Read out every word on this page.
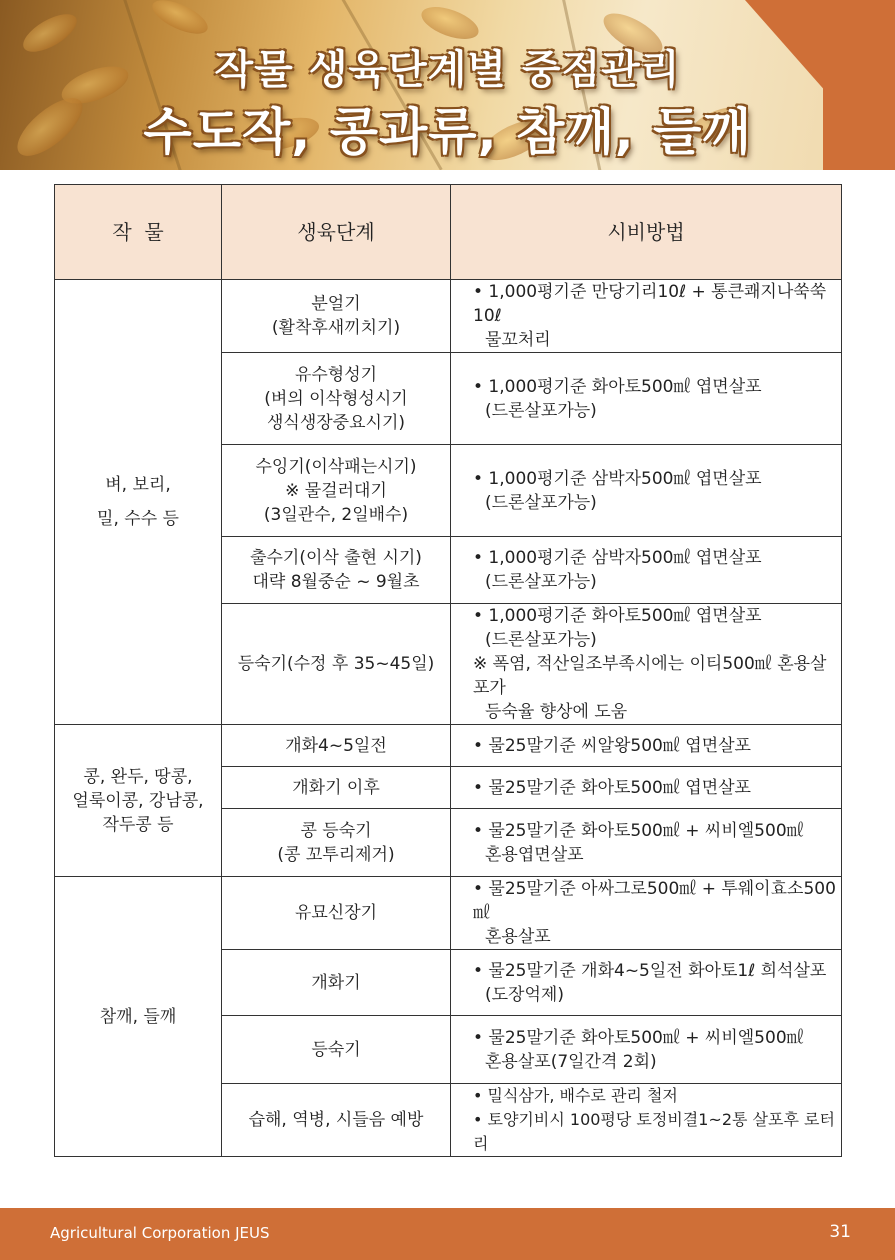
작물 생육단계별 중점관리
수도작, 콩과류, 참깨, 들깨
작  물	생육단계	시비방법

벼, 보리,
밀, 수수 등	분얼기
(활착후새끼치기)	• 1,000평기준 만당기리10ℓ + 통큰쾌지나쑥쑥10ℓ
물꼬처리

	유수형성기
(벼의 이삭형성시기
생식생장중요시기)	• 1,000평기준 화아토500㎖ 엽면살포
(드론살포가능)

	수잉기(이삭패는시기)
※ 물걸러대기
(3일관수, 2일배수)	• 1,000평기준 삼박자500㎖ 엽면살포
(드론살포가능)

	출수기(이삭 출현 시기)
대략 8월중순 ~ 9월초	• 1,000평기준 삼박자500㎖ 엽면살포
(드론살포가능)

	등숙기(수정 후 35~45일)	• 1,000평기준 화아토500㎖ 엽면살포
(드론살포가능)
※ 폭염, 적산일조부족시에는 이티500㎖ 혼용살포가
등숙율 향상에 도움

콩, 완두, 땅콩,
얼룩이콩, 강남콩,
작두콩 등	개화4~5일전	• 물25말기준 씨알왕500㎖ 엽면살포

	개화기 이후	• 물25말기준 화아토500㎖ 엽면살포

	콩 등숙기
(콩 꼬투리제거)	• 물25말기준 화아토500㎖ + 씨비엘500㎖
혼용엽면살포

참깨, 들깨	유묘신장기	• 물25말기준 아싸그로500㎖ + 투웨이효소500㎖
혼용살포

	개화기	• 물25말기준 개화4~5일전 화아토1ℓ 희석살포
(도장억제)

	등숙기	• 물25말기준 화아토500㎖ + 씨비엘500㎖
혼용살포(7일간격 2회)

	습해, 역병, 시들음 예방	• 밀식삼가, 배수로 관리 철저
• 토양기비시 100평당 토정비결1~2통 살포후 로터리
Agricultural Corporation JEUS	31
